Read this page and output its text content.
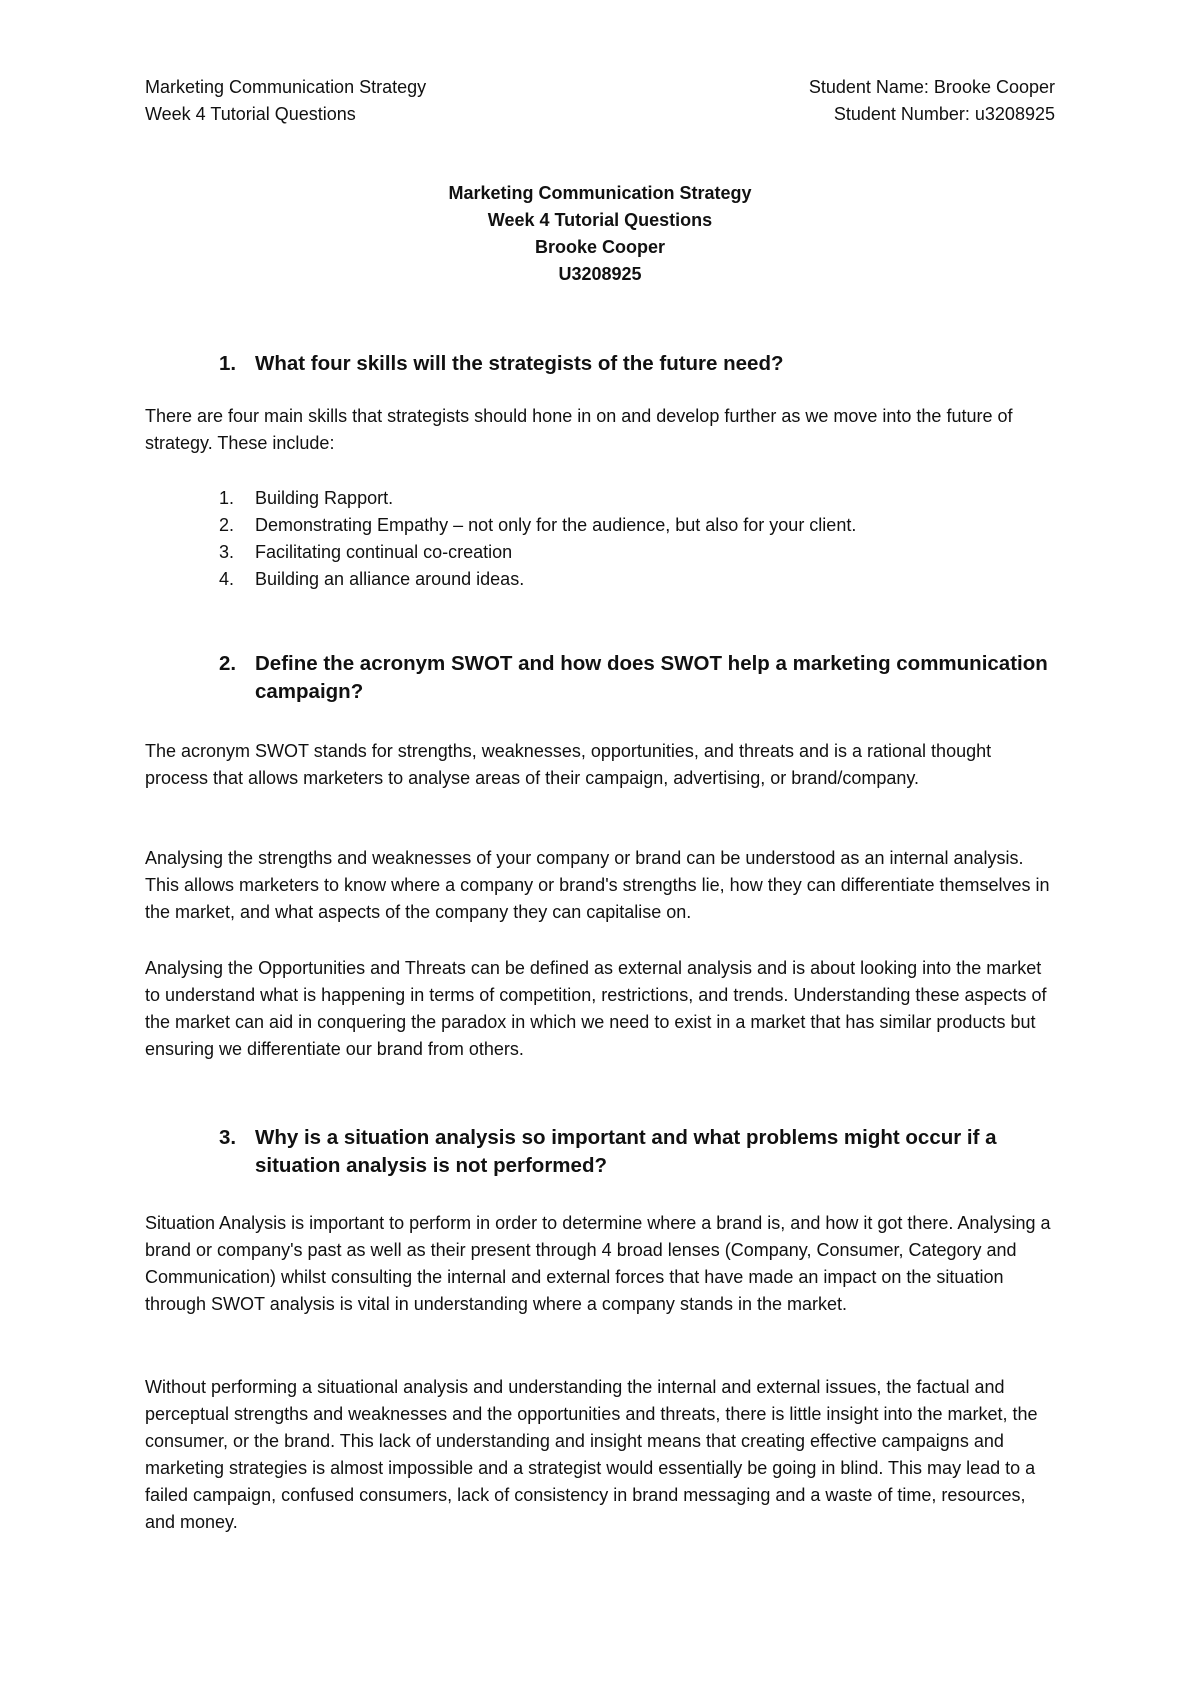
Marketing Communication Strategy
Week 4 Tutorial Questions
Student Name: Brooke Cooper
Student Number: u3208925
Marketing Communication Strategy
Week 4 Tutorial Questions
Brooke Cooper
U3208925
1. What four skills will the strategists of the future need?

There are four main skills that strategists should hone in on and develop further as we move into the future of strategy. These include:

1.	Building Rapport.
2.	Demonstrating Empathy – not only for the audience, but also for your client.
3.	Facilitating continual co-creation
4.	Building an alliance around ideas.
2. Define the acronym SWOT and how does SWOT help a marketing communication campaign?

The acronym SWOT stands for strengths, weaknesses, opportunities, and threats and is a rational thought process that allows marketers to analyse areas of their campaign, advertising, or brand/company.

Analysing the strengths and weaknesses of your company or brand can be understood as an internal analysis. This allows marketers to know where a company or brand's strengths lie, how they can differentiate themselves in the market, and what aspects of the company they can capitalise on.

Analysing the Opportunities and Threats can be defined as external analysis and is about looking into the market to understand what is happening in terms of competition, restrictions, and trends. Understanding these aspects of the market can aid in conquering the paradox in which we need to exist in a market that has similar products but ensuring we differentiate our brand from others.

3. Why is a situation analysis so important and what problems might occur if a situation analysis is not performed?

Situation Analysis is important to perform in order to determine where a brand is, and how it got there. Analysing a brand or company's past as well as their present through 4 broad lenses (Company, Consumer, Category and Communication) whilst consulting the internal and external forces that have made an impact on the situation through SWOT analysis is vital in understanding where a company stands in the market.

Without performing a situational analysis and understanding the internal and external issues, the factual and perceptual strengths and weaknesses and the opportunities and threats, there is little insight into the market, the consumer, or the brand. This lack of understanding and insight means that creating effective campaigns and marketing strategies is almost impossible and a strategist would essentially be going in blind. This may lead to a failed campaign, confused consumers, lack of consistency in brand messaging and a waste of time, resources, and money.
